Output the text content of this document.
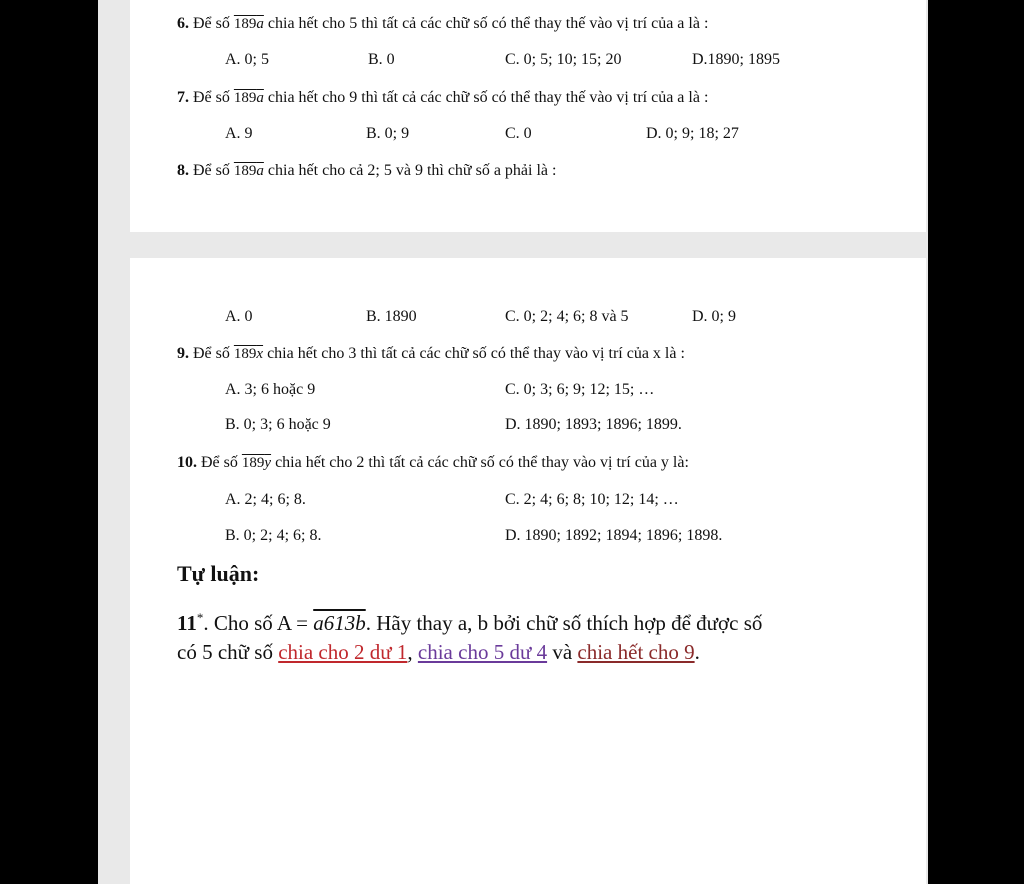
6. Để số 189a chia hết cho 5 thì tất cả các chữ số có thể thay thế vào vị trí của a là :
A. 0; 5	B. 0	C. 0; 5; 10; 15; 20	D.1890; 1895
7. Để số 189a chia hết cho 9 thì tất cả các chữ số có thể thay thế vào vị trí của a là :
A. 9	B. 0; 9	C. 0	D. 0; 9; 18; 27
8. Để số 189a chia hết cho cả 2; 5 và 9 thì chữ số a phải là :
A. 0	B. 1890	C. 0; 2; 4; 6; 8 và 5	D. 0; 9
9. Để số 189x chia hết cho 3 thì tất cả các chữ số có thể thay vào vị trí của x là :
A. 3; 6 hoặc 9	C. 0; 3; 6; 9; 12; 15; …
B. 0; 3; 6 hoặc 9	D. 1890; 1893; 1896; 1899.
10. Để số 189y chia hết cho 2 thì tất cả các chữ số có thể thay vào vị trí của y là:
A. 2; 4; 6; 8.	C. 2; 4; 6; 8; 10; 12; 14; …
B. 0; 2; 4; 6; 8.	D. 1890; 1892; 1894; 1896; 1898.
Tự luận:
11*. Cho số A = a613b. Hãy thay a, b bởi chữ số thích hợp để được số
có 5 chữ số chia cho 2 dư 1, chia cho 5 dư 4 và chia hết cho 9.
